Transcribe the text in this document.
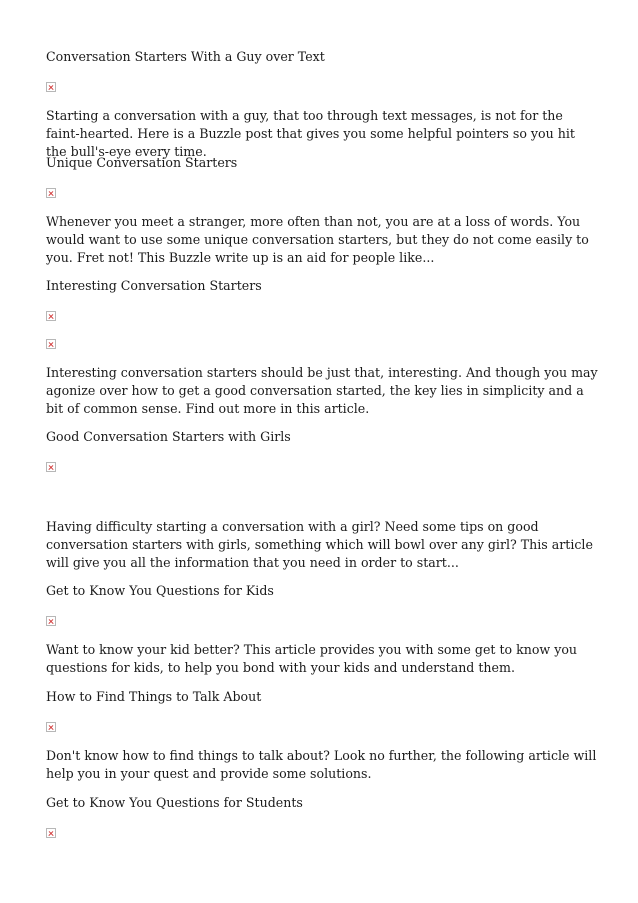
Conversation Starters With a Guy over Text

Starting a conversation with a guy, that too through text messages, is not for the faint-hearted. Here is a Buzzle post that gives you some helpful pointers so you hit the bull's-eye every time.

Unique Conversation Starters

Whenever you meet a stranger, more often than not, you are at a loss of words. You would want to use some unique conversation starters, but they do not come easily to you. Fret not! This Buzzle write up is an aid for people like...

Interesting Conversation Starters

Interesting conversation starters should be just that, interesting. And though you may agonize over how to get a good conversation started, the key lies in simplicity and a bit of common sense. Find out more in this article.

Good Conversation Starters with Girls

Having difficulty starting a conversation with a girl? Need some tips on good conversation starters with girls, something which will bowl over any girl? This article will give you all the information that you need in order to start...

Get to Know You Questions for Kids

Want to know your kid better? This article provides you with some get to know you questions for kids, to help you bond with your kids and understand them.

How to Find Things to Talk About

Don't know how to find things to talk about? Look no further, the following article will help you in your quest and provide some solutions.

Get to Know You Questions for Students
